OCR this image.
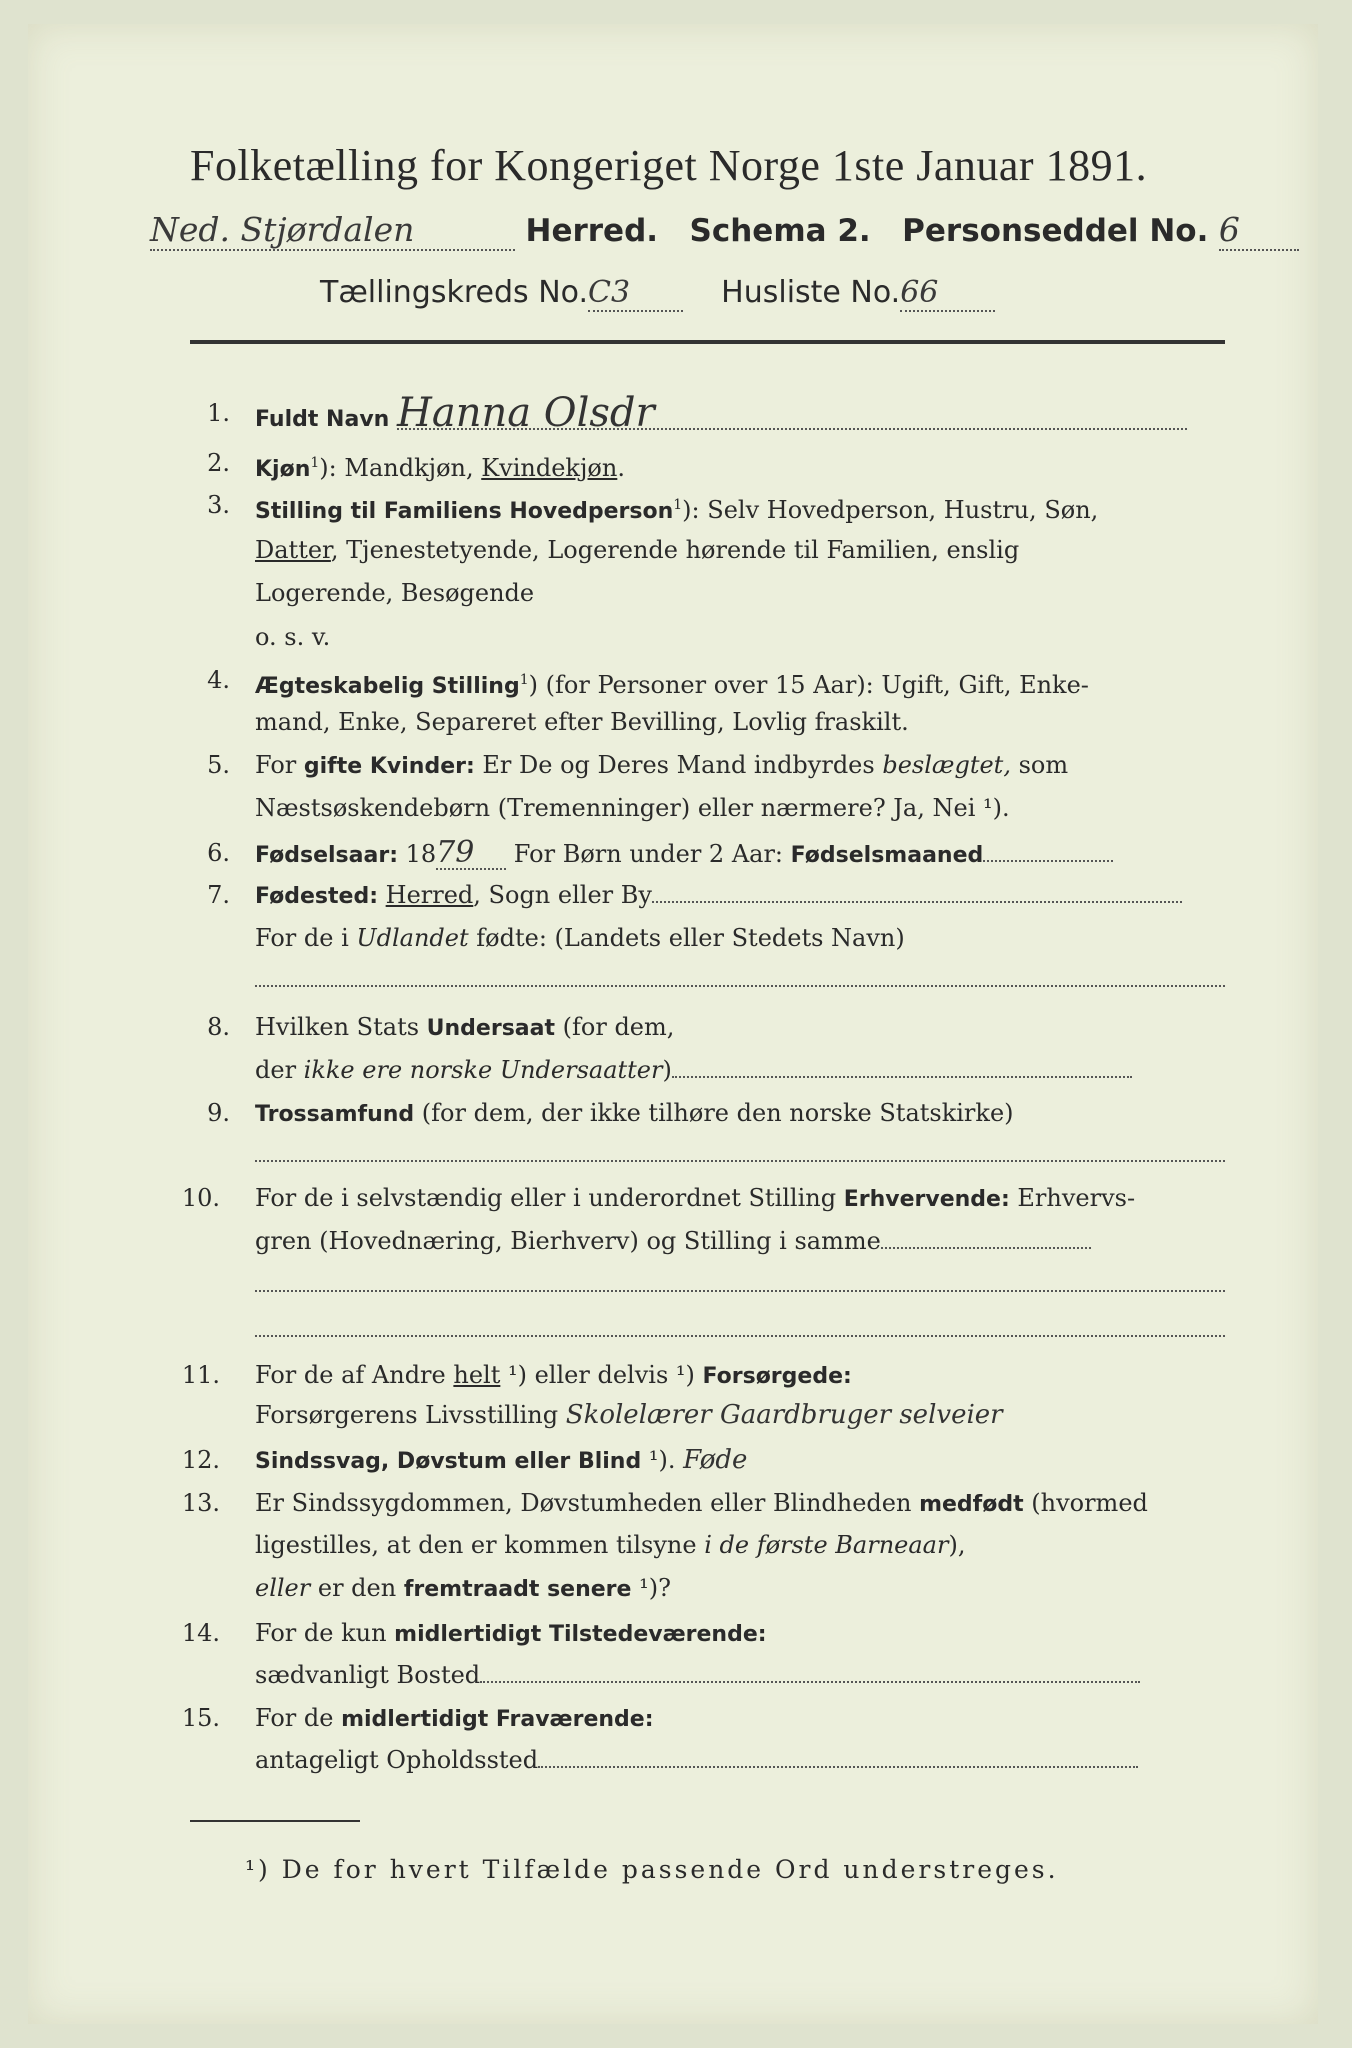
Folketælling for Kongeriget Norge 1ste Januar 1891.
Ned. Stjørdalen	Herred. Schema 2. Personseddel No. 6
Tællingskreds No.C3	Husliste No.66
1. Fuldt Navn Hanna Olsdr
2. Kjøn$^1$): Mandkjøn, Kvindekjøn.
3. Stilling til Familiens Hovedperson$^1$): Selv Hovedperson, Hustru, Søn,
Datter, Tjenestetyende, Logerende hørende til Familien, enslig
Logerende, Besøgende
o. s. v.
4. Ægteskabelig Stilling$^1$) (for Personer over 15 Aar): Ugift, Gift, Enke-
mand, Enke, Separeret efter Bevilling, Lovlig fraskilt.
5. For gifte Kvinder: Er De og Deres Mand indbyrdes beslægtet, som
Næstsøskendebørn (Tremenninger) eller nærmere? Ja, Nei ¹).
6. Fødselsaar: 1879 For Børn under 2 Aar: Fødselsmaaned
7. Fødested: Herred, Sogn eller By
For de i Udlandet fødte: (Landets eller Stedets Navn)
8. Hvilken Stats Undersaat (for dem,
der ikke ere norske Undersaatter)
9. Trossamfund (for dem, der ikke tilhøre den norske Statskirke)
10. For de i selvstændig eller i underordnet Stilling Erhvervende: Erhvervs-
gren (Hovednæring, Bierhverv) og Stilling i samme
11. For de af Andre helt ¹) eller delvis ¹) Forsørgede:
Forsørgerens Livsstilling Skolelærer Gaardbruger selveier
12. Sindssvag, Døvstum eller Blind ¹). Føde
13. Er Sindssygdommen, Døvstumheden eller Blindheden medfødt (hvormed
ligestilles, at den er kommen tilsyne i de første Barneaar),
eller er den fremtraadt senere ¹)?
14. For de kun midlertidigt Tilstedeværende:
sædvanligt Bosted
15. For de midlertidigt Fraværende:
antageligt Opholdssted
¹) De for hvert Tilfælde passende Ord understreges.
